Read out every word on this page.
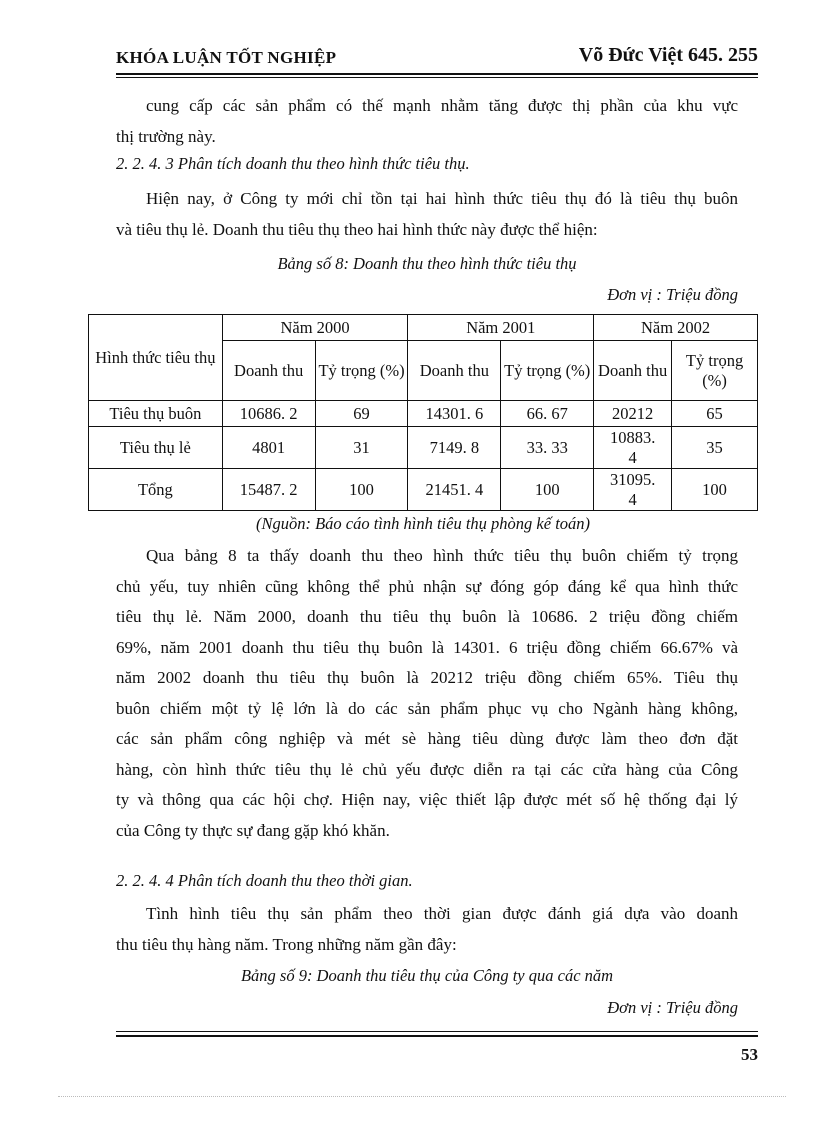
KHÓA LUẬN TỐT NGHIỆP	Võ Đức Việt 645. 255
cung cấp các sản phẩm có thế mạnh nhằm tăng được thị phần của khu vực
thị trường này.
2. 2. 4. 3 Phân tích doanh thu theo hình thức tiêu thụ.
Hiện nay, ở Công ty mới chỉ tồn tại hai hình thức tiêu thụ đó là tiêu thụ buôn
và tiêu thụ lẻ. Doanh thu tiêu thụ theo hai hình thức này được thể hiện:
Bảng số 8: Doanh thu theo hình thức tiêu thụ
Đơn vị : Triệu đồng
Hình thức tiêu thụ	Năm 2000		Năm 2001		Năm 2002	
	Doanh thu	Tỷ trọng (%)	Doanh thu	Tỷ trọng (%)	Doanh thu	Tỷ trọng (%)
Tiêu thụ buôn	10686. 2	69	14301. 6	66. 67	20212	65
Tiêu thụ lẻ	4801	31	7149. 8	33. 33	10883. 4	35
Tổng	15487. 2	100	21451. 4	100	31095. 4	100
(Nguồn: Báo cáo tình hình tiêu thụ phòng kế toán)
Qua bảng 8 ta thấy doanh thu theo hình thức tiêu thụ buôn chiếm tỷ trọng
chủ yếu, tuy nhiên cũng không thể phủ nhận sự đóng góp đáng kể qua hình thức
tiêu thụ lẻ. Năm 2000, doanh thu tiêu thụ buôn là 10686. 2 triệu đồng chiếm
69%, năm 2001 doanh thu tiêu thụ buôn là 14301. 6 triệu đồng chiếm 66.67% và
năm 2002 doanh thu tiêu thụ buôn là 20212 triệu đồng chiếm 65%. Tiêu thụ
buôn chiếm một tỷ lệ lớn là do các sản phẩm phục vụ cho Ngành hàng không,
các sản phẩm công nghiệp và mét sè hàng tiêu dùng được làm theo đơn đặt
hàng, còn hình thức tiêu thụ lẻ chủ yếu được diễn ra tại các cửa hàng của Công
ty và thông qua các hội chợ. Hiện nay, việc thiết lập được mét số hệ thống đại lý
của Công ty thực sự đang gặp khó khăn.
2. 2. 4. 4 Phân tích doanh thu theo thời gian.
Tình hình tiêu thụ sản phẩm theo thời gian được đánh giá dựa vào doanh
thu tiêu thụ hàng năm. Trong những năm gần đây:
Bảng số 9: Doanh thu tiêu thụ của Công ty qua các năm
Đơn vị : Triệu đồng
53
